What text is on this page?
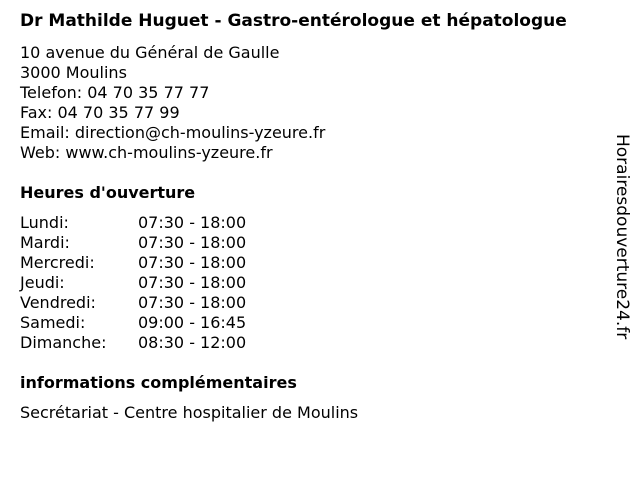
Dr Mathilde Huguet - Gastro-entérologue et hépatologue
10 avenue du Général de Gaulle
3000 Moulins
Telefon: 04 70 35 77 77
Fax: 04 70 35 77 99
Email: direction@ch-moulins-yzeure.fr
Web: www.ch-moulins-yzeure.fr
Heures d'ouverture
Lundi:	07:30 - 18:00
Mardi:	07:30 - 18:00
Mercredi:	07:30 - 18:00
Jeudi:	07:30 - 18:00
Vendredi:	07:30 - 18:00
Samedi:	09:00 - 16:45
Dimanche:	08:30 - 12:00
informations complémentaires
Secrétariat - Centre hospitalier de Moulins
Horairesdouverture24.fr
